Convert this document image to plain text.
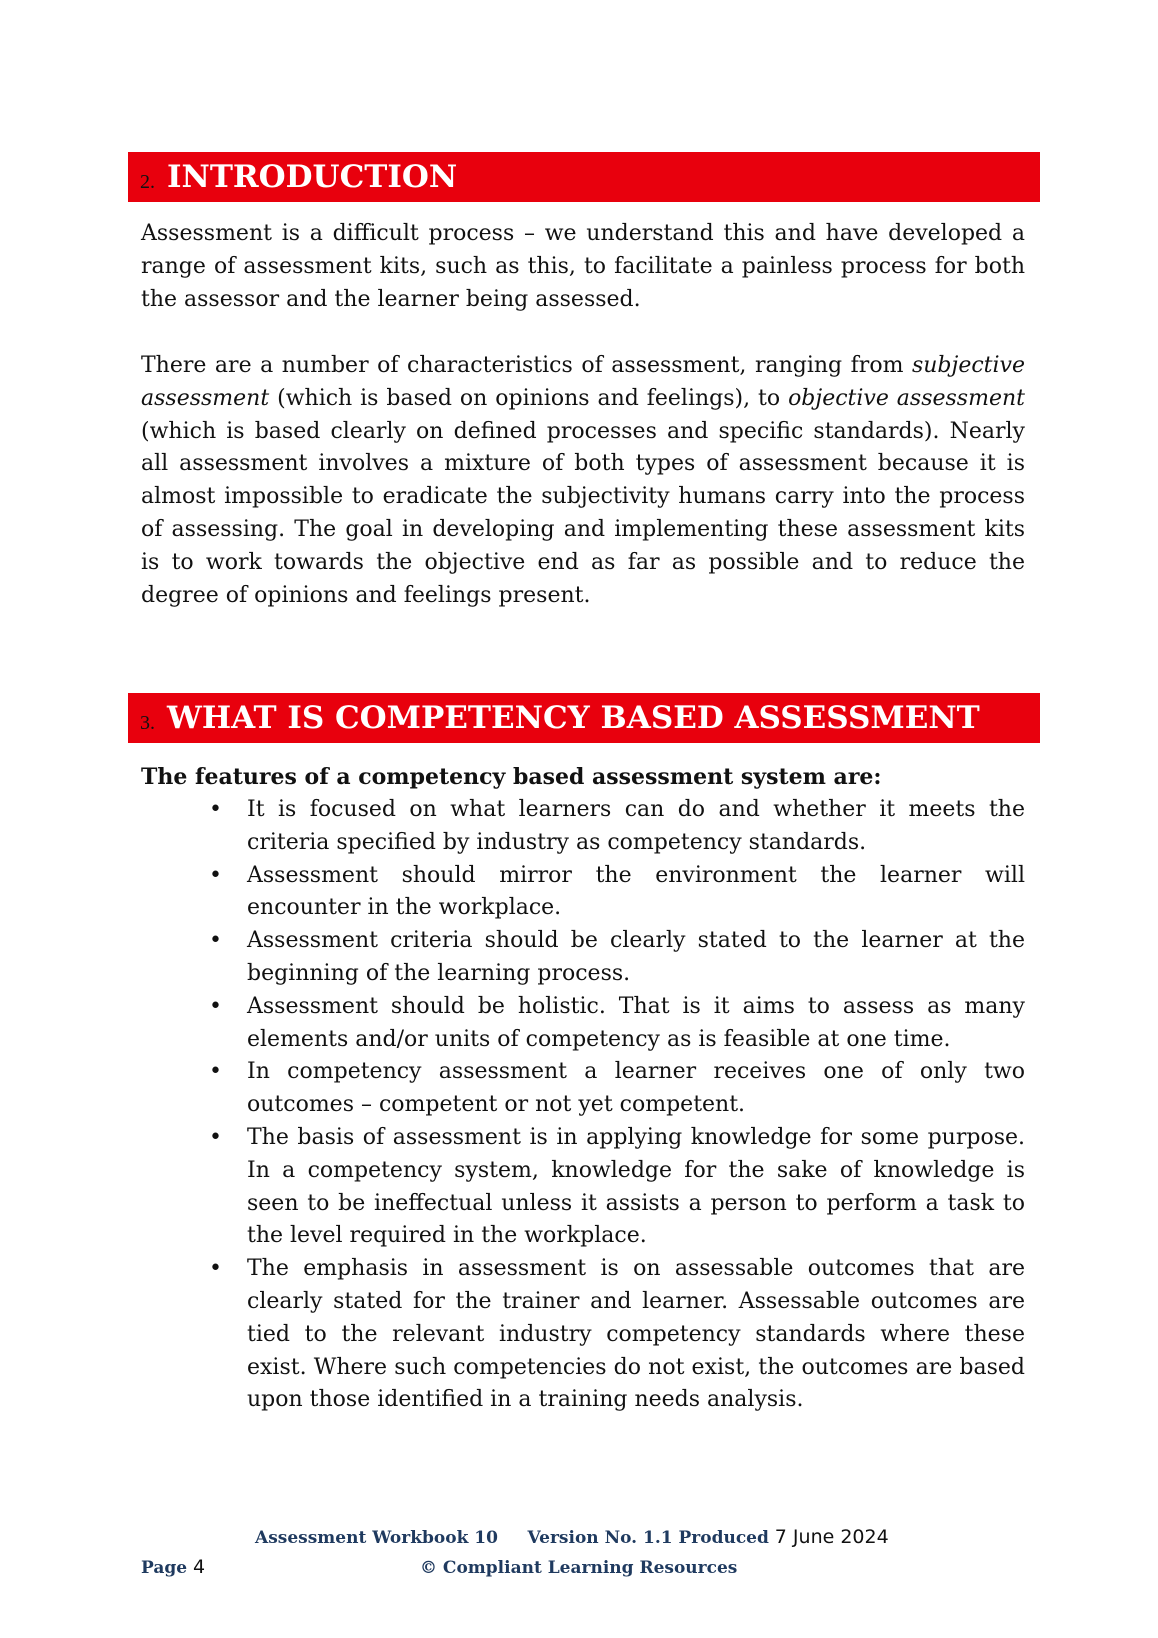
2. INTRODUCTION

Assessment is a difficult process – we understand this and have developed a range of assessment kits, such as this, to facilitate a painless process for both the assessor and the learner being assessed.

There are a number of characteristics of assessment, ranging from subjective assessment (which is based on opinions and feelings), to objective assessment (which is based clearly on defined processes and specific standards). Nearly all assessment involves a mixture of both types of assessment because it is almost impossible to eradicate the subjectivity humans carry into the process of assessing. The goal in developing and implementing these assessment kits is to work towards the objective end as far as possible and to reduce the degree of opinions and feelings present.

3. WHAT IS COMPETENCY BASED ASSESSMENT
The features of a competency based assessment system are:
•	It is focused on what learners can do and whether it meets the criteria specified by industry as competency standards.
•	Assessment should mirror the environment the learner will encounter in the workplace.
•	Assessment criteria should be clearly stated to the learner at the beginning of the learning process.
•	Assessment should be holistic. That is it aims to assess as many elements and/or units of competency as is feasible at one time.
•	In competency assessment a learner receives one of only two outcomes – competent or not yet competent.
•	The basis of assessment is in applying knowledge for some purpose. In a competency system, knowledge for the sake of knowledge is seen to be ineffectual unless it assists a person to perform a task to the level required in the workplace.
•	The emphasis in assessment is on assessable outcomes that are clearly stated for the trainer and learner. Assessable outcomes are tied to the relevant industry competency standards where these exist. Where such competencies do not exist, the outcomes are based upon those identified in a training needs analysis.
Assessment Workbook 10 Version No. 1.1 Produced 7 June 2024
Page 4	© Compliant Learning Resources
